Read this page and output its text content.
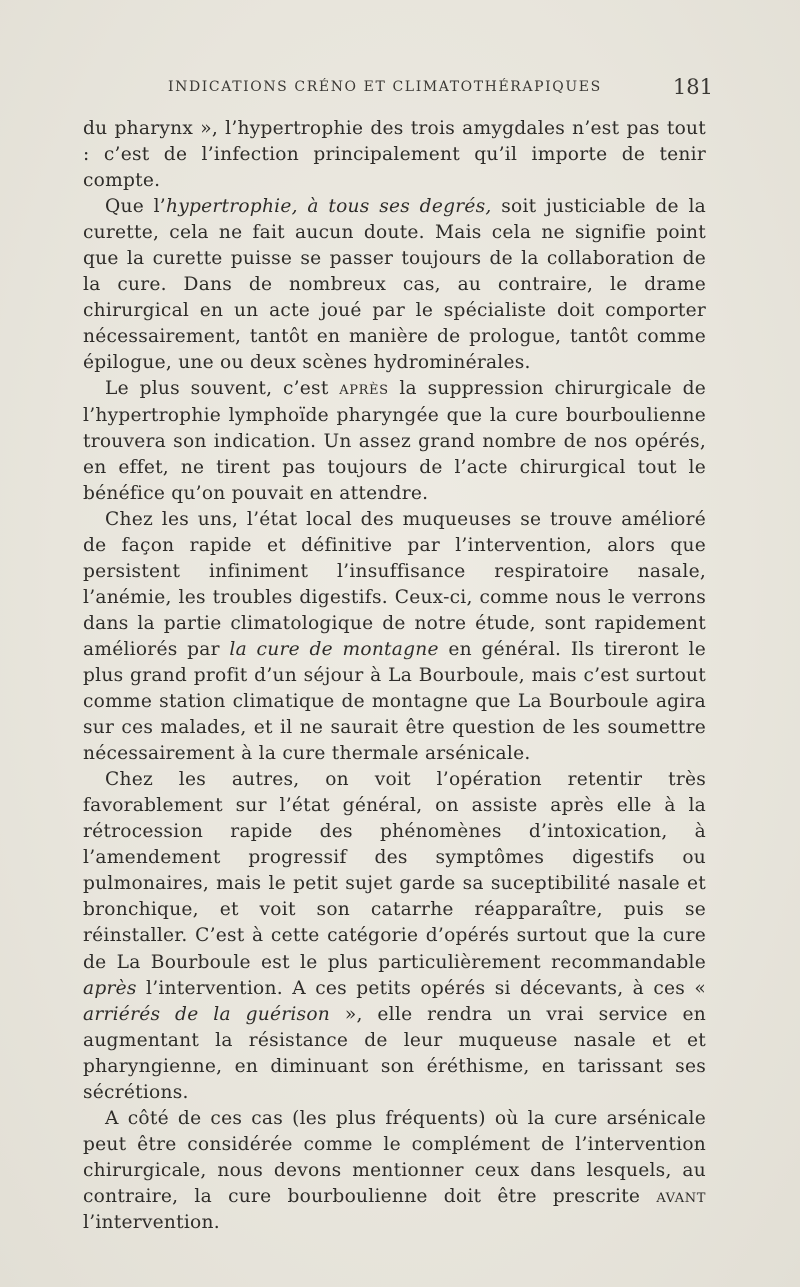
INDICATIONS CRÉNO ET CLIMATOTHÉRAPIQUES	181

du pharynx », l’hypertrophie des trois amygdales n’est pas tout : c’est de l’infection principalement qu’il importe de tenir compte.

Que l’hypertrophie, à tous ses degrés, soit justiciable de la curette, cela ne fait aucun doute. Mais cela ne signifie point que la curette puisse se passer toujours de la collaboration de la cure. Dans de nombreux cas, au contraire, le drame chirurgical en un acte joué par le spécialiste doit comporter nécessairement, tantôt en manière de prologue, tantôt comme épilogue, une ou deux scènes hydrominérales.

Le plus souvent, c’est après la suppression chirurgicale de l’hypertrophie lymphoïde pharyngée que la cure bourboulienne trouvera son indication. Un assez grand nombre de nos opérés, en effet, ne tirent pas toujours de l’acte chirurgical tout le bénéfice qu’on pouvait en attendre.

Chez les uns, l’état local des muqueuses se trouve amélioré de façon rapide et définitive par l’intervention, alors que persistent infiniment l’insuffisance respiratoire nasale, l’anémie, les troubles digestifs. Ceux-ci, comme nous le verrons dans la partie climatologique de notre étude, sont rapidement améliorés par la cure de montagne en général. Ils tireront le plus grand profit d’un séjour à La Bourboule, mais c’est surtout comme station climatique de montagne que La Bourboule agira sur ces malades, et il ne saurait être question de les soumettre nécessairement à la cure thermale arsénicale.

Chez les autres, on voit l’opération retentir très favorablement sur l’état général, on assiste après elle à la rétrocession rapide des phénomènes d’intoxication, à l’amendement progressif des symptômes digestifs ou pulmonaires, mais le petit sujet garde sa suceptibilité nasale et bronchique, et voit son catarrhe réapparaître, puis se réinstaller. C’est à cette catégorie d’opérés surtout que la cure de La Bourboule est le plus particulièrement recommandable après l’intervention. A ces petits opérés si décevants, à ces « arriérés de la guérison », elle rendra un vrai service en augmentant la résistance de leur muqueuse nasale et et pharyngienne, en diminuant son éréthisme, en tarissant ses sécrétions.

A côté de ces cas (les plus fréquents) où la cure arsénicale peut être considérée comme le complément de l’intervention chirurgicale, nous devons mentionner ceux dans lesquels, au contraire, la cure bourboulienne doit être prescrite avant l’intervention.
